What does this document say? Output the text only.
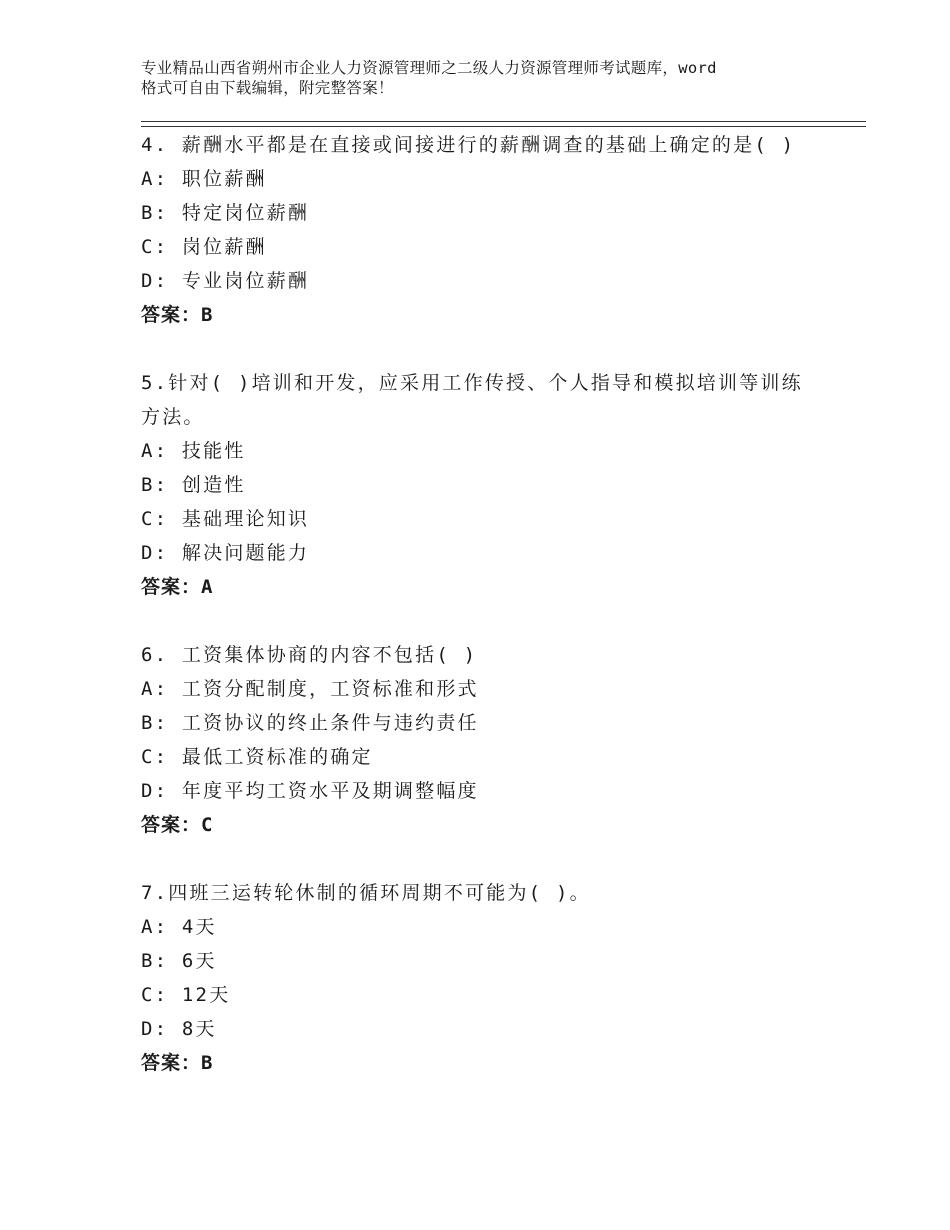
专业精品山西省朔州市企业人力资源管理师之二级人力资源管理师考试题库，word
格式可自由下载编辑，附完整答案！

4. 薪酬水平都是在直接或间接进行的薪酬调查的基础上确定的是( )

A: 职位薪酬

B: 特定岗位薪酬

C: 岗位薪酬

D: 专业岗位薪酬

答案：B

5.针对( )培训和开发，应采用工作传授、个人指导和模拟培训等训练方法。

A: 技能性

B: 创造性

C: 基础理论知识

D: 解决问题能力

答案：A

6. 工资集体协商的内容不包括( )

A: 工资分配制度，工资标准和形式

B: 工资协议的终止条件与违约责任

C: 最低工资标准的确定

D: 年度平均工资水平及期调整幅度

答案：C

7.四班三运转轮休制的循环周期不可能为( )。

A: 4天

B: 6天

C: 12天

D: 8天

答案：B
